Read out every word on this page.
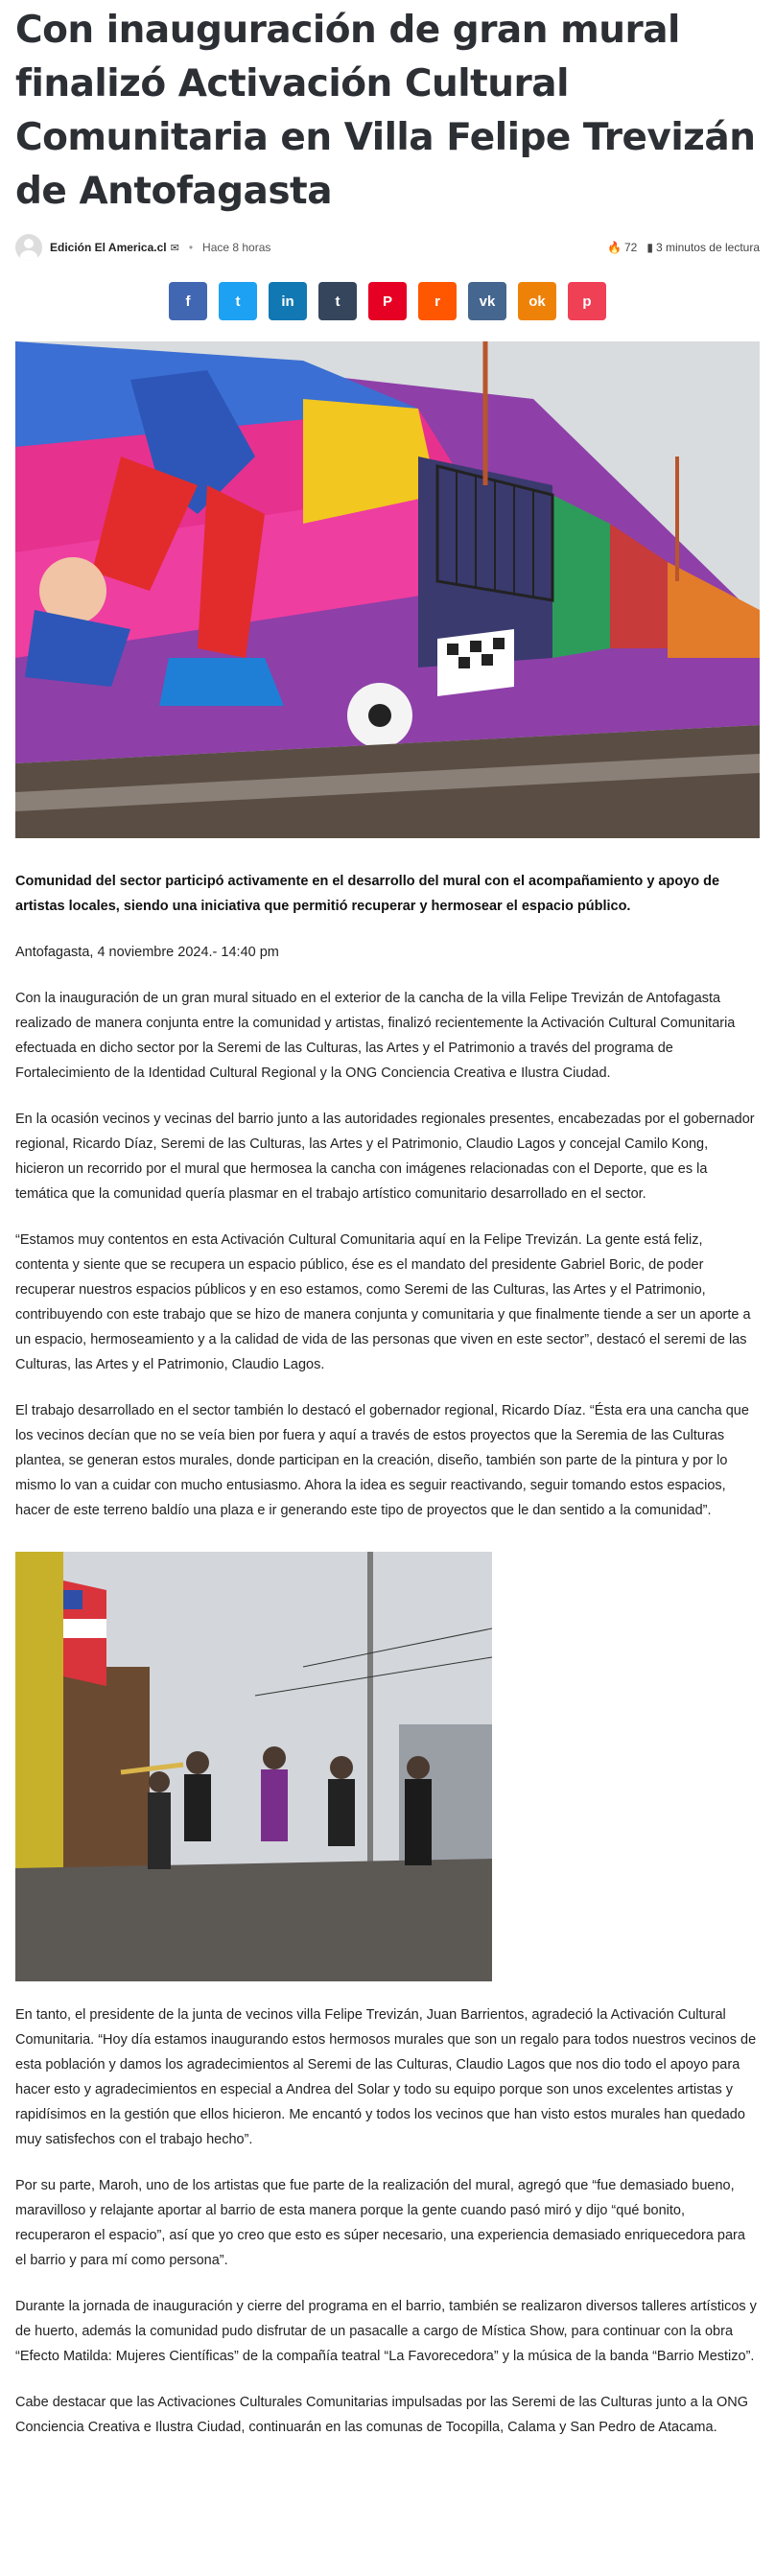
Con inauguración de gran mural finalizó Activación Cultural Comunitaria en Villa Felipe Trevizán de Antofagasta
Edición El America.cl ✉ • Hace 8 horas	🔥 72 ▮ 3 minutos de lectura
f	t	in	t	P	r	vk ok	p

Comunidad del sector participó activamente en el desarrollo del mural con el acompañamiento y apoyo de artistas locales, siendo una iniciativa que permitió recuperar y hermosear el espacio público.

Antofagasta, 4 noviembre 2024.- 14:40 pm

Con la inauguración de un gran mural situado en el exterior de la cancha de la villa Felipe Trevizán de Antofagasta realizado de manera conjunta entre la comunidad y artistas, finalizó recientemente la Activación Cultural Comunitaria efectuada en dicho sector por la Seremi de las Culturas, las Artes y el Patrimonio a través del programa de Fortalecimiento de la Identidad Cultural Regional y la ONG Conciencia Creativa e Ilustra Ciudad.

En la ocasión vecinos y vecinas del barrio junto a las autoridades regionales presentes, encabezadas por el gobernador regional, Ricardo Díaz, Seremi de las Culturas, las Artes y el Patrimonio, Claudio Lagos y concejal Camilo Kong, hicieron un recorrido por el mural que hermosea la cancha con imágenes relacionadas con el Deporte, que es la temática que la comunidad quería plasmar en el trabajo artístico comunitario desarrollado en el sector.

“Estamos muy contentos en esta Activación Cultural Comunitaria aquí en la Felipe Trevizán. La gente está feliz, contenta y siente que se recupera un espacio público, ése es el mandato del presidente Gabriel Boric, de poder recuperar nuestros espacios públicos y en eso estamos, como Seremi de las Culturas, las Artes y el Patrimonio, contribuyendo con este trabajo que se hizo de manera conjunta y comunitaria y que finalmente tiende a ser un aporte a un espacio, hermoseamiento y a la calidad de vida de las personas que viven en este sector”, destacó el seremi de las Culturas, las Artes y el Patrimonio, Claudio Lagos.

El trabajo desarrollado en el sector también lo destacó el gobernador regional, Ricardo Díaz. “Ésta era una cancha que los vecinos decían que no se veía bien por fuera y aquí a través de estos proyectos que la Seremia de las Culturas plantea, se generan estos murales, donde participan en la creación, diseño, también son parte de la pintura y por lo mismo lo van a cuidar con mucho entusiasmo. Ahora la idea es seguir reactivando, seguir tomando estos espacios, hacer de este terreno baldío una plaza e ir generando este tipo de proyectos que le dan sentido a la comunidad”.

En tanto, el presidente de la junta de vecinos villa Felipe Trevizán, Juan Barrientos, agradeció la Activación Cultural Comunitaria. “Hoy día estamos inaugurando estos hermosos murales que son un regalo para todos nuestros vecinos de esta población y damos los agradecimientos al Seremi de las Culturas, Claudio Lagos que nos dio todo el apoyo para hacer esto y agradecimientos en especial a Andrea del Solar y todo su equipo porque son unos excelentes artistas y rapidísimos en la gestión que ellos hicieron. Me encantó y todos los vecinos que han visto estos murales han quedado muy satisfechos con el trabajo hecho”.

Por su parte, Maroh, uno de los artistas que fue parte de la realización del mural, agregó que “fue demasiado bueno, maravilloso y relajante aportar al barrio de esta manera porque la gente cuando pasó miró y dijo “qué bonito, recuperaron el espacio”, así que yo creo que esto es súper necesario, una experiencia demasiado enriquecedora para el barrio y para mí como persona”.

Durante la jornada de inauguración y cierre del programa en el barrio, también se realizaron diversos talleres artísticos y de huerto, además la comunidad pudo disfrutar de un pasacalle a cargo de Mística Show, para continuar con la obra “Efecto Matilda: Mujeres Científicas” de la compañía teatral “La Favorecedora” y la música de la banda “Barrio Mestizo”.

Cabe destacar que las Activaciones Culturales Comunitarias impulsadas por las Seremi de las Culturas junto a la ONG Conciencia Creativa e Ilustra Ciudad, continuarán en las comunas de Tocopilla, Calama y San Pedro de Atacama.
